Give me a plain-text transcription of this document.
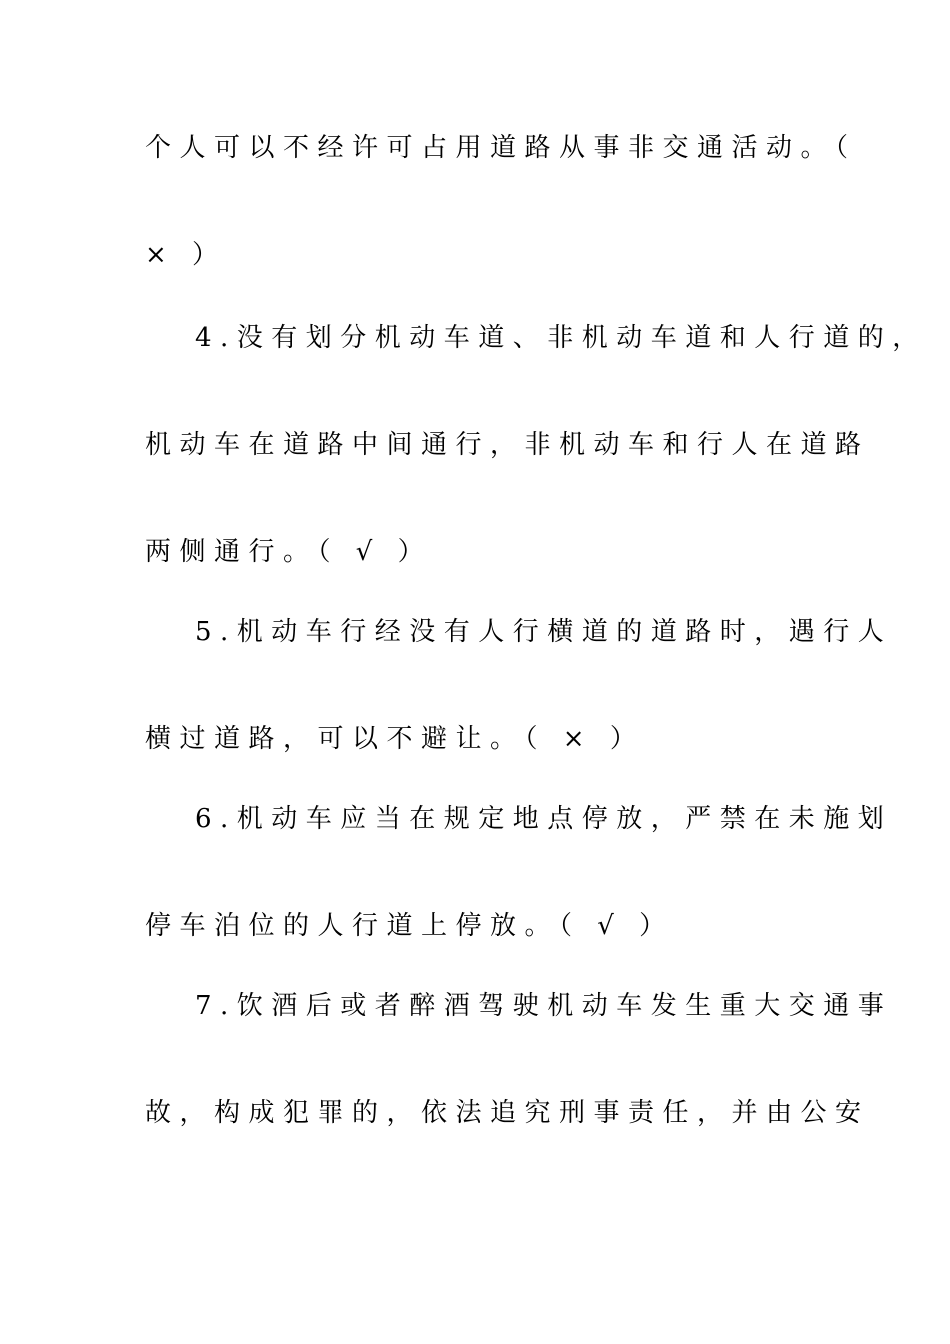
个人可以不经许可占用道路从事非交通活动。（
× ）
4.没有划分机动车道、非机动车道和人行道的，
机动车在道路中间通行，非机动车和行人在道路
两侧通行。（ √ ）
5.机动车行经没有人行横道的道路时，遇行人
横过道路，可以不避让。（ × ）
6.机动车应当在规定地点停放，严禁在未施划
停车泊位的人行道上停放。（ √ ）
7.饮酒后或者醉酒驾驶机动车发生重大交通事
故，构成犯罪的，依法追究刑事责任，并由公安
